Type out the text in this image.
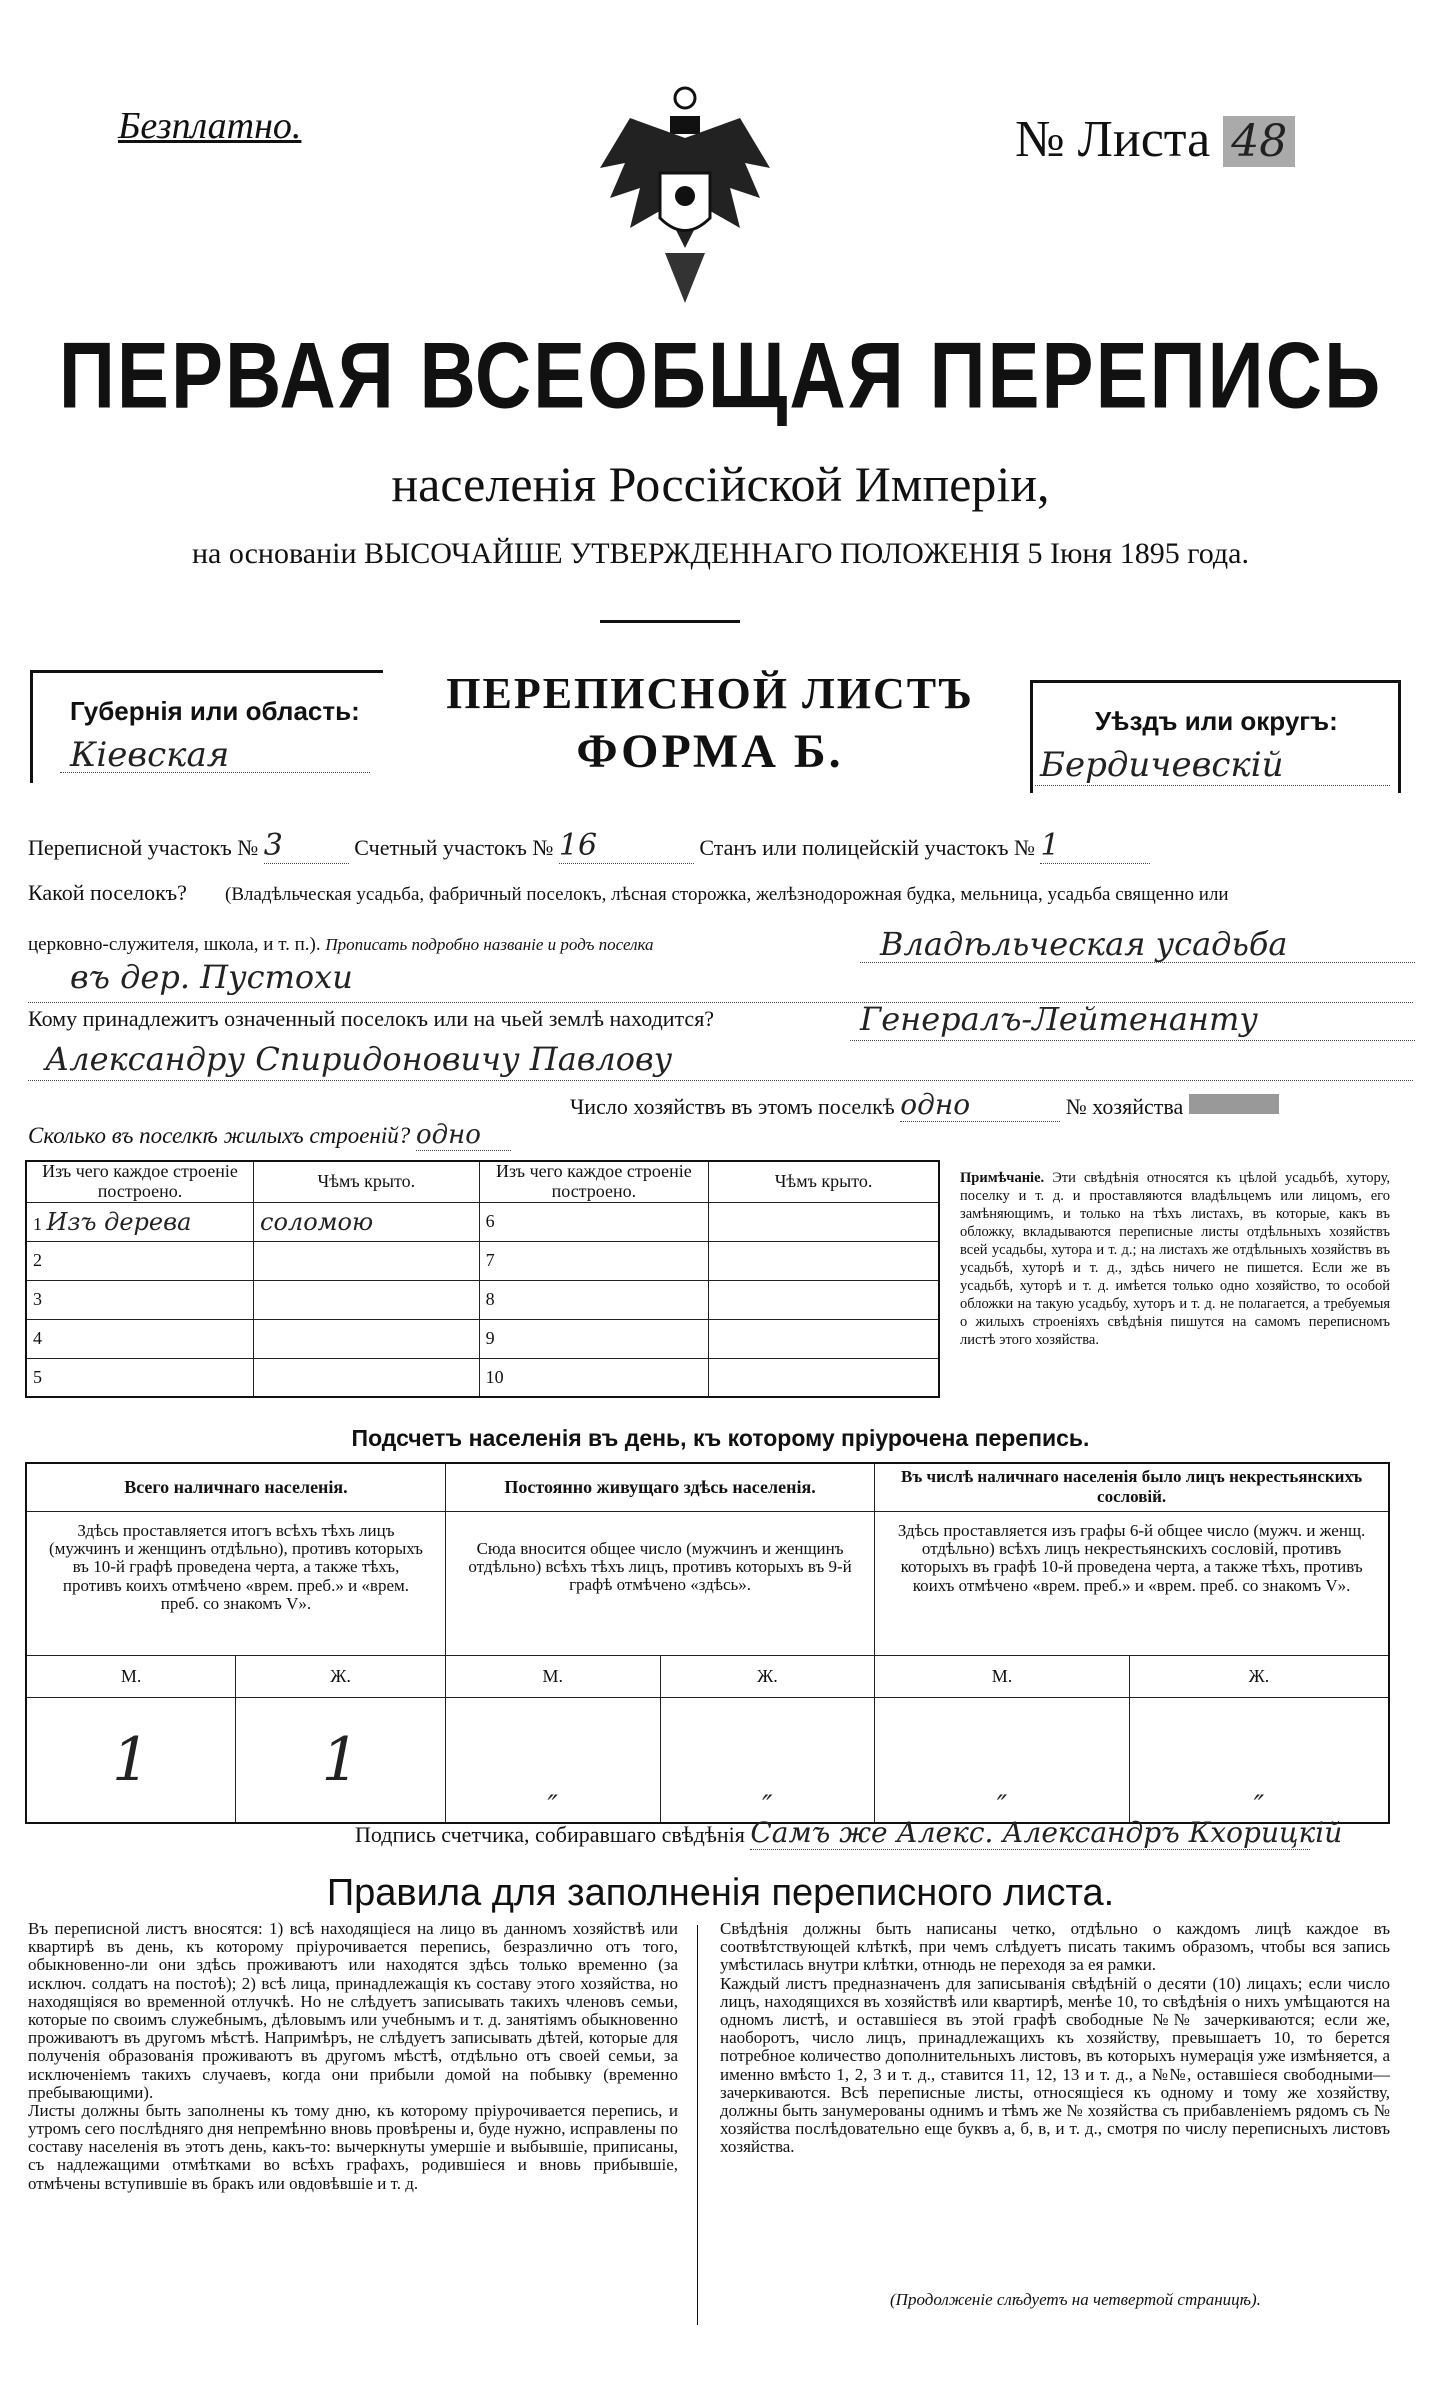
Безплатно.	№ Листа 48
ПЕРВАЯ ВСЕОБЩАЯ ПЕРЕПИСЬ
населенія Россійской Имперіи,
на основаніи ВЫСОЧАЙШЕ УТВЕРЖДЕННАГО ПОЛОЖЕНІЯ 5 Іюня 1895 года.
Губернія или область:
Кіевская
ПЕРЕПИСНОЙ ЛИСТЪ
ФОРМА Б.
Уѣздъ или округъ:
Бердичевскій
Переписной участокъ № 3	Счетный участокъ № 16	Станъ или полицейскій участокъ № 1
Какой поселокъ? (Владѣльческая усадьба, фабричный поселокъ, лѣсная сторожка, желѣзнодорожная будка, мельница, усадьба священно или
церковно-служителя, школа, и т. п.). Прописать подробно названіе и родъ поселка	Владѣльческая усадьба
въ дер. Пустохи
Кому принадлежитъ означенный поселокъ или на чьей землѣ находится?	Генералъ-Лейтенанту
Александру Спиридоновичу Павлову
Число хозяйствъ въ этомъ поселкѣ одно	№ хозяйства
Сколько въ поселкѣ жилыхъ строеній? одно
Изъ чего каждое строеніе построено.	Чѣмъ крыто.	Изъ чего каждое строеніе построено.	Чѣмъ крыто.
1 Изъ дерева	соломою	6	
2		7	
3		8	
4		9	
5		10	
Примѣчаніе. Эти свѣдѣнія относятся къ цѣлой усадьбѣ, хутору, поселку и т. д. и проставляются владѣльцемъ или лицомъ, его замѣняющимъ, и только на тѣхъ листахъ, въ которые, какъ въ обложку, вкладываются переписные листы отдѣльныхъ хозяйствъ всей усадьбы, хутора и т. д.; на листахъ же отдѣльныхъ хозяйствъ въ усадьбѣ, хуторѣ и т. д., здѣсь ничего не пишется. Если же въ усадьбѣ, хуторѣ и т. д. имѣется только одно хозяйство, то особой обложки на такую усадьбу, хуторъ и т. д. не полагается, а требуемыя о жилыхъ строеніяхъ свѣдѣнія пишутся на самомъ переписномъ листѣ этого хозяйства.
Подсчетъ населенія въ день, къ которому пріурочена перепись.
Всего наличнаго населенія.		Постоянно живущаго здѣсь населенія.		Въ числѣ наличнаго населенія было лицъ некрестьянскихъ сословій.	
Здѣсь проставляется итогъ всѣхъ тѣхъ лицъ (мужчинъ и женщинъ отдѣльно), противъ которыхъ въ 10-й графѣ проведена черта, а также тѣхъ, противъ коихъ отмѣчено «врем. преб.» и «врем. преб. со знакомъ V».		Сюда вносится общее число (мужчинъ и женщинъ отдѣльно) всѣхъ тѣхъ лицъ, противъ которыхъ въ 9-й графѣ отмѣчено «здѣсь».		Здѣсь проставляется изъ графы 6-й общее число (мужч. и женщ. отдѣльно) всѣхъ лицъ некрестьянскихъ сословій, противъ которыхъ въ графѣ 10-й проведена черта, а также тѣхъ, противъ коихъ отмѣчено «врем. преб.» и «врем. преб. со знакомъ V».	
М.	Ж.	М.	Ж.	М.	Ж.
1	1	″	″	″	″
Подпись счетчика, собиравшаго свѣдѣнія Самъ же Алекс. Александръ Кхорицкій
Правила для заполненія переписного листа.
Въ переписной листъ вносятся: 1) всѣ находящіеся на лицо въ данномъ хозяйствѣ или квартирѣ въ день, къ которому пріурочивается перепись, безразлично отъ того, обыкновенно-ли они здѣсь проживаютъ или находятся здѣсь только временно (за исключ. солдатъ на постоѣ); 2) всѣ лица, принадлежащія къ составу этого хозяйства, но находящіяся во временной отлучкѣ. Но не слѣдуетъ записывать такихъ членовъ семьи, которые по своимъ служебнымъ, дѣловымъ или учебнымъ и т. д. занятіямъ обыкновенно проживаютъ въ другомъ мѣстѣ. Напримѣръ, не слѣдуетъ записывать дѣтей, которые для полученія образованія проживаютъ въ другомъ мѣстѣ, отдѣльно отъ своей семьи, за исключеніемъ такихъ случаевъ, когда они прибыли домой на побывку (временно пребывающими).
Листы должны быть заполнены къ тому дню, къ которому пріурочивается перепись, и утромъ сего послѣдняго дня непремѣнно вновь провѣрены и, буде нужно, исправлены по составу населенія въ этотъ день, какъ-то: вычеркнуты умершіе и выбывшіе, приписаны, съ надлежащими отмѣтками во всѣхъ графахъ, родившіеся и вновь прибывшіе, отмѣчены вступившіе въ бракъ или овдовѣвшіе и т. д.
Свѣдѣнія должны быть написаны четко, отдѣльно о каждомъ лицѣ каждое въ соотвѣтствующей клѣткѣ, при чемъ слѣдуетъ писать такимъ образомъ, чтобы вся запись умѣстилась внутри клѣтки, отнюдь не переходя за ея рамки.
Каждый листъ предназначенъ для записыванія свѣдѣній о десяти (10) лицахъ; если число лицъ, находящихся въ хозяйствѣ или квартирѣ, менѣе 10, то свѣдѣнія о нихъ умѣщаются на одномъ листѣ, и оставшіеся въ этой графѣ свободные №№ зачеркиваются; если же, наоборотъ, число лицъ, принадлежащихъ къ хозяйству, превышаетъ 10, то берется потребное количество дополнительныхъ листовъ, въ которыхъ нумерація уже измѣняется, а именно вмѣсто 1, 2, 3 и т. д., ставится 11, 12, 13 и т. д., а №№, оставшіеся свободными—зачеркиваются. Всѣ переписные листы, относящіеся къ одному и тому же хозяйству, должны быть занумерованы однимъ и тѣмъ же № хозяйства съ прибавленіемъ рядомъ съ № хозяйства послѣдовательно еще буквъ а, б, в, и т. д., смотря по числу переписныхъ листовъ хозяйства.
(Продолженіе слѣдуетъ на четвертой страницѣ).
